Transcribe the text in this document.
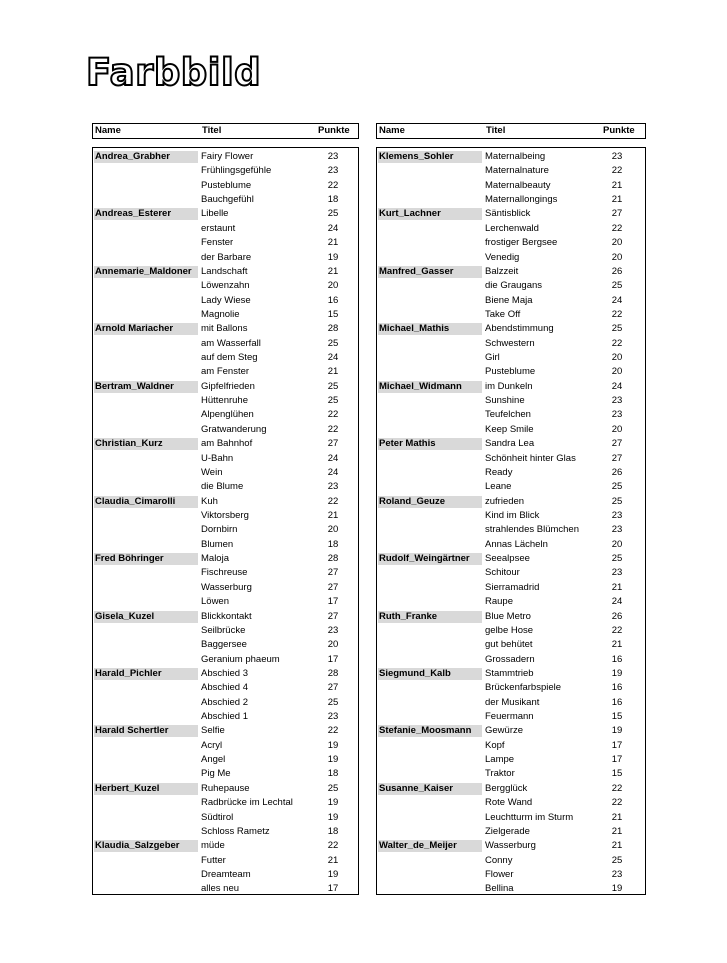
Farbbild
Name	Titel	Punkte	Name	Titel	Punkte
Andrea_Grabher	Fairy Flower	23
Frühlingsgefühle	23
Pusteblume	22
Bauchgefühl	18
Andreas_Esterer	Libelle	25
erstaunt	24
Fenster	21
der Barbare	19
Annemarie_Maldoner Landschaft	21
Löwenzahn	20
Lady Wiese	16
Magnolie	15
Arnold Mariacher	mit Ballons	28
am Wasserfall	25
auf dem Steg	24
am Fenster	21
Bertram_Waldner	Gipfelfrieden	25
Hüttenruhe	25
Alpenglühen	22
Gratwanderung	22
Christian_Kurz	am Bahnhof	27
U-Bahn	24
Wein	24
die Blume	23
Claudia_Cimarolli	Kuh	22
Viktorsberg	21
Dornbirn	20
Blumen	18
Fred Böhringer	Maloja	28
Fischreuse	27
Wasserburg	27
Löwen	17
Gisela_Kuzel	Blickkontakt	27
Seilbrücke	23
Baggersee	20
Geranium phaeum	17
Harald_Pichler	Abschied 3	28
Abschied 4	27
Abschied 2	25
Abschied 1	23
Harald Schertler	Selfie	22
Acryl	19
Angel	19
Pig Me	18
Herbert_Kuzel	Ruhepause	25
Radbrücke im Lechtal	19
Südtirol	19
Schloss Rametz	18
Klaudia_Salzgeber	müde	22
Futter	21
Dreamteam	19
alles neu	17
Klemens_Sohler	Maternalbeing	23
Maternalnature	22
Maternalbeauty	21
Maternallongings	21
Kurt_Lachner	Säntisblick	27
Lerchenwald	22
frostiger Bergsee	20
Venedig	20
Manfred_Gasser	Balzzeit	26
die Graugans	25
Biene Maja	24
Take Off	22
Michael_Mathis	Abendstimmung	25
Schwestern	22
Girl	20
Pusteblume	20
Michael_Widmann	im Dunkeln	24
Sunshine	23
Teufelchen	23
Keep Smile	20
Peter Mathis	Sandra Lea	27
Schönheit hinter Glas	27
Ready	26
Leane	25
Roland_Geuze	zufrieden	25
Kind im Blick	23
strahlendes Blümchen	23
Annas Lächeln	20
Rudolf_Weingärtner	Seealpsee	25
Schitour	23
Sierramadrid	21
Raupe	24
Ruth_Franke	Blue Metro	26
gelbe Hose	22
gut behütet	21
Grossadern	16
Siegmund_Kalb	Stammtrieb	19
Brückenfarbspiele	16
der Musikant	16
Feuermann	15
Stefanie_Moosmann	Gewürze	19
Kopf	17
Lampe	17
Traktor	15
Susanne_Kaiser	Bergglück	22
Rote Wand	22
Leuchtturm im Sturm	21
Zielgerade	21
Walter_de_Meijer	Wasserburg	21
Conny	25
Flower	23
Bellina	19
